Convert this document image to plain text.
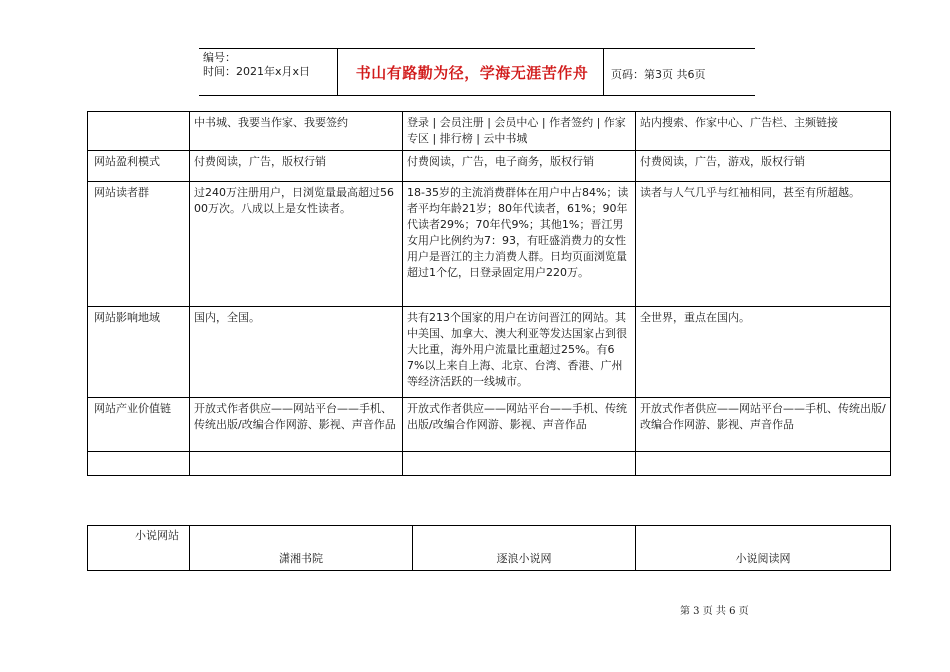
编号：
时间：2021年x月x日	书山有路勤为径，学海无涯苦作舟	页码：第3页 共6页
	中书城、我要当作家、我要签约	登录 | 会员注册 | 会员中心 | 作者签约 | 作家专区 | 排行榜 | 云中书城	站内搜索、作家中心、广告栏、主频链接
网站盈利模式	付费阅读，广告，版权行销	付费阅读，广告，电子商务，版权行销	付费阅读，广告，游戏，版权行销
网站读者群	过240万注册用户，日浏览量最高超过5600万次。八成以上是女性读者。	18-35岁的主流消费群体在用户中占84%；读者平均年龄21岁；80年代读者，61%；90年代读者29%；70年代9%；其他1%；晋江男女用户比例约为7：93，有旺盛消费力的女性用户是晋江的主力消费人群。日均页面浏览量超过1个亿，日登录固定用户220万。	读者与人气几乎与红袖相同，甚至有所超越。
网站影响地域	国内，全国。	共有213个国家的用户在访问晋江的网站。其中美国、加拿大、澳大利亚等发达国家占到很大比重，海外用户流量比重超过25%。有67%以上来自上海、北京、台湾、香港、广州等经济活跃的一线城市。	全世界，重点在国内。
网站产业价值链	开放式作者供应——网站平台——手机、传统出版/改编合作网游、影视、声音作品	开放式作者供应——网站平台——手机、传统出版/改编合作网游、影视、声音作品	开放式作者供应——网站平台——手机、传统出版/改编合作网游、影视、声音作品

小说网站	潇湘书院	逐浪小说网	小说阅读网
第 3 页 共 6 页
